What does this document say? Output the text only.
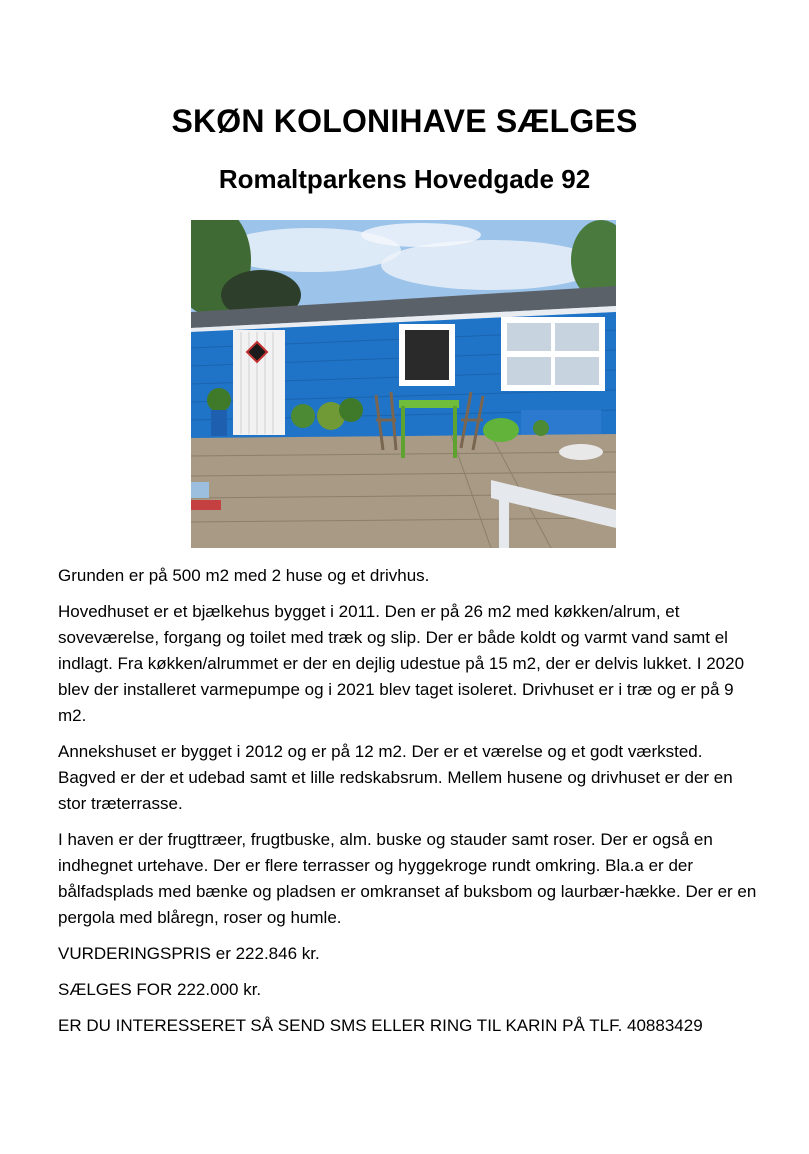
SKØN KOLONIHAVE SÆLGES
Romaltparkens Hovedgade 92

Grunden er på 500 m2 med 2 huse og et drivhus.

Hovedhuset er et bjælkehus bygget i 2011. Den er på 26 m2 med køkken/alrum, et soveværelse, forgang og toilet med træk og slip. Der er både koldt og varmt vand samt el indlagt. Fra køkken/alrummet er der en dejlig udestue på 15 m2, der er delvis lukket. I 2020 blev der installeret varmepumpe og i 2021 blev taget isoleret. Drivhuset er i træ og er på 9 m2.

Annekshuset er bygget i 2012 og er på 12 m2. Der er et værelse og et godt værksted. Bagved er der et udebad samt et lille redskabsrum. Mellem husene og drivhuset er der en stor træterrasse.

I haven er der frugttræer, frugtbuske, alm. buske og stauder samt roser. Der er også en indhegnet urtehave. Der er flere terrasser og hyggekroge rundt omkring. Bla.a er der bålfadsplads med bænke og pladsen er omkranset af buksbom og laurbær-hække. Der er en pergola med blåregn, roser og humle.

VURDERINGSPRIS er 222.846 kr.

SÆLGES FOR 222.000 kr.

ER DU INTERESSERET SÅ SEND SMS ELLER RING TIL KARIN PÅ TLF. 40883429
